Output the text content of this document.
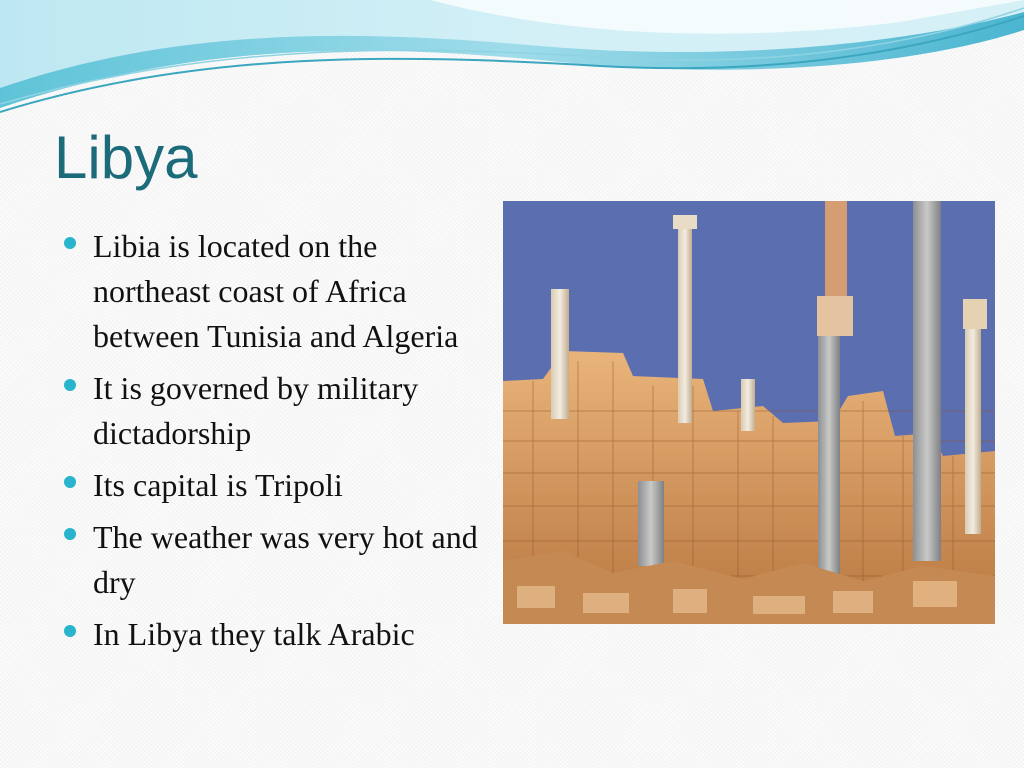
Libya
Libia is located on the northeast coast of Africa between Tunisia and Algeria
It is governed by military dictadorship
Its capital is Tripoli
The weather was very hot and dry
In Libya they talk Arabic
